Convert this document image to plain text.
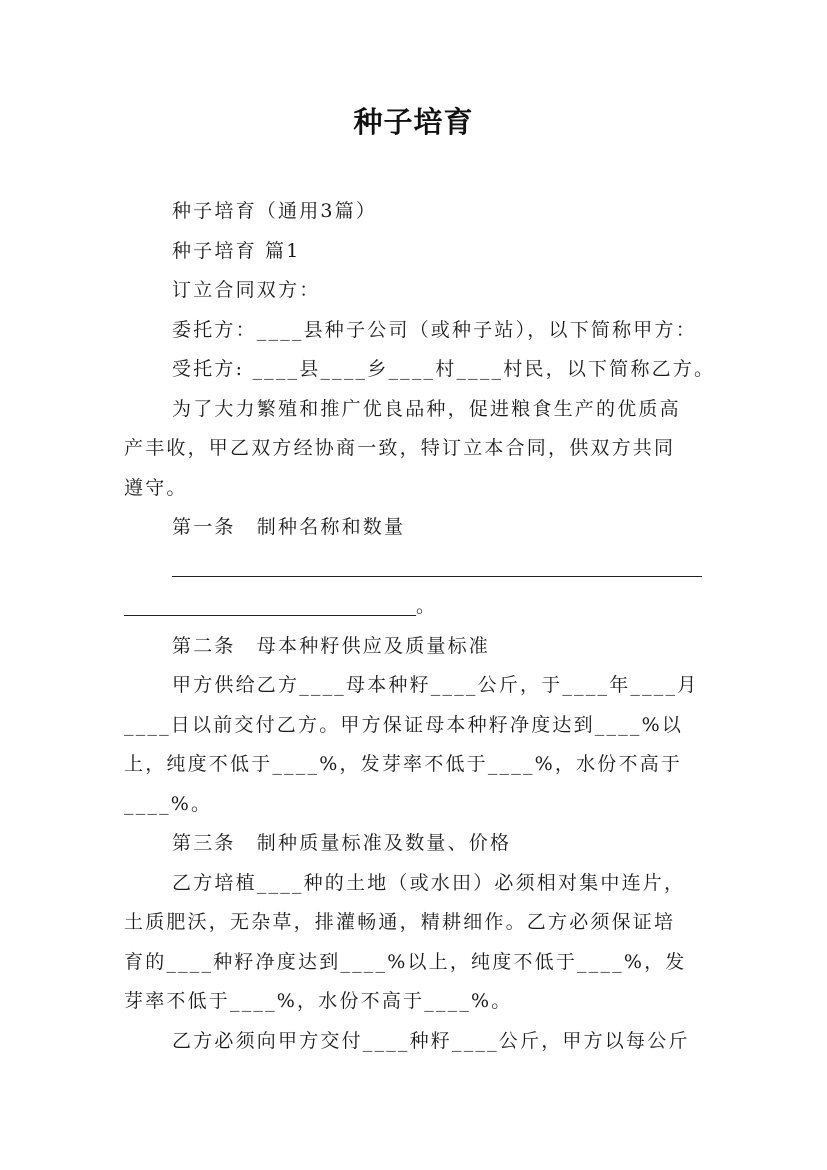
种子培育
种子培育（通用3篇）
种子培育 篇1
订立合同双方：
委托方：____县种子公司（或种子站），以下简称甲方：
受托方: ____县____乡____村____村民，以下简称乙方。
为了大力繁殖和推广优良品种，促进粮食生产的优质高
产丰收，甲乙双方经协商一致，特订立本合同，供双方共同
遵守。
第一条　制种名称和数量
。
第二条　母本种籽供应及质量标准
甲方供给乙方____母本种籽____公斤，于____年____月
____日以前交付乙方。甲方保证母本种籽净度达到____%以
上，纯度不低于____%，发芽率不低于____%，水份不高于
____%。
第三条　制种质量标准及数量、价格
乙方培植____种的土地（或水田）必须相对集中连片，
土质肥沃，无杂草，排灌畅通，精耕细作。乙方必须保证培
育的____种籽净度达到____%以上，纯度不低于____%，发
芽率不低于____%，水份不高于____%。
乙方必须向甲方交付____种籽____公斤，甲方以每公斤
